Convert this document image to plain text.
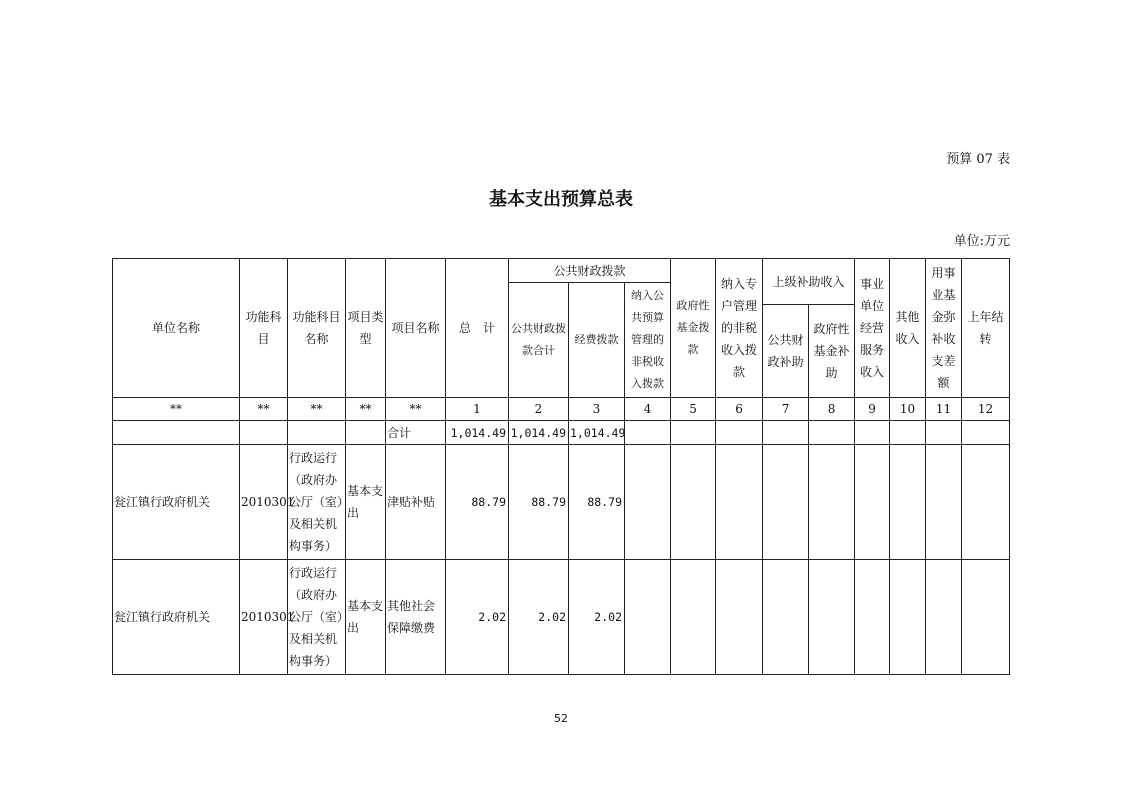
预算 07 表
基本支出预算总表
单位:万元
单位名称	功能科目	功能科目名称	项目类型	项目名称	总　计	公共财政拨款			政府性基金拨款	纳入专户管理的非税收入拨款	上级补助收入		事业单位经营服务收入	其他收入	用事业基金弥补收支差额	上年结转
						公共财政拨款合计	经费拨款	纳入公共预算管理的非税收入拨款								
											公共财政补助	政府性基金补助				
**	**	**	**	**	1	2	3	4	5	6	7	8	9	10	11	12
				合计	1,014.49	1,014.49	1,014.49									
瓮江镇行政府机关	2010301	行政运行（政府办公厅（室）及相关机构事务）	基本支出	津贴补贴	88.79	88.79	88.79									
瓮江镇行政府机关	2010301	行政运行（政府办公厅（室）及相关机构事务）	基本支出	其他社会保障缴费	2.02	2.02	2.02									
52
